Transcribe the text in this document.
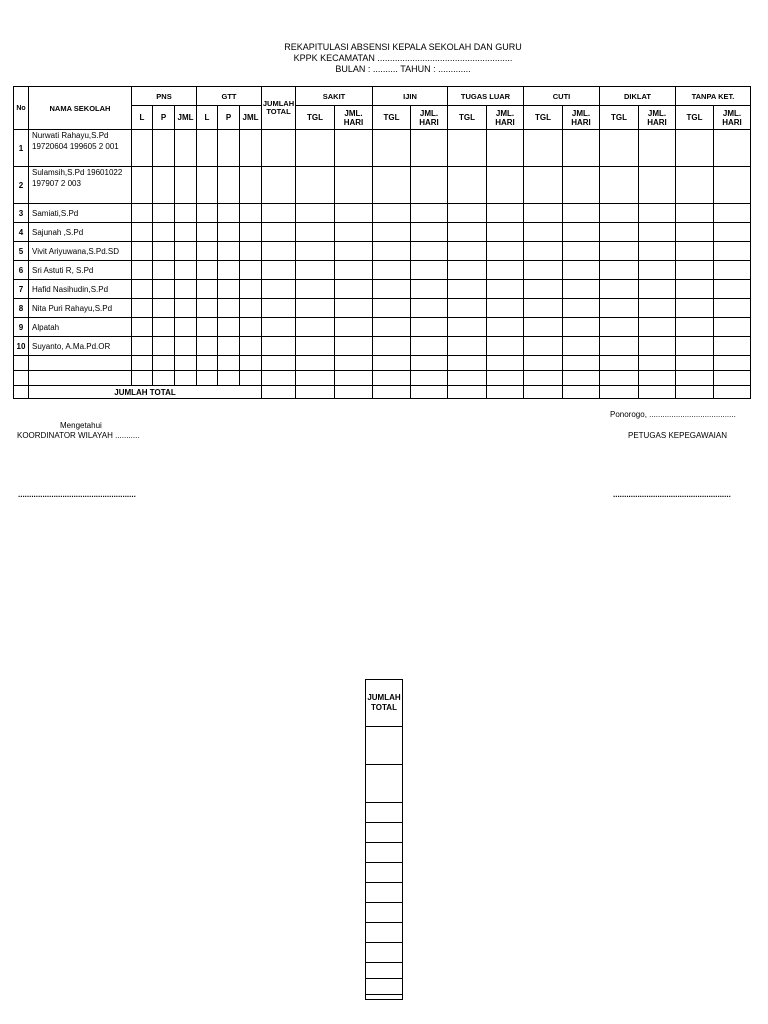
REKAPITULASI ABSENSI KEPALA SEKOLAH DAN GURU
KPPK KECAMATAN ......................................................
BULAN : .......... TAHUN : .............
No	NAMA SEKOLAH	PNS			GTT			JUMLAH TOTAL	SAKIT		IJIN		TUGAS LUAR		CUTI		DIKLAT		TANPA KET.	
		L	P	JML	L	P	JML		TGL	JML. HARI	TGL	JML. HARI	TGL	JML. HARI	TGL	JML. HARI	TGL	JML. HARI	TGL	JML. HARI
1	Nurwati Rahayu,S.Pd 19720604 199605 2 001																			
2	Sulamsih,S.Pd 19601022 197907 2 003																			
3	Samiati,S.Pd																			
4	Sajunah ,S.Pd																			
5	Vivit Ariyuwana,S.Pd.SD																			
6	Sri Astuti R, S.Pd																			
7	Hafid Nasihudin,S.Pd																			
8	Nita Puri Rahayu,S.Pd																			
9	Alpatah																			
10	Suyanto, A.Ma.Pd.OR																			

	JUMLAH TOTAL																			
Mengetahui
KOORDINATOR WILAYAH ...........
Ponorogo, .......................................
PETUGAS KEPEGAWAIAN
.....................................................	.....................................................
JUMLAH TOTAL
